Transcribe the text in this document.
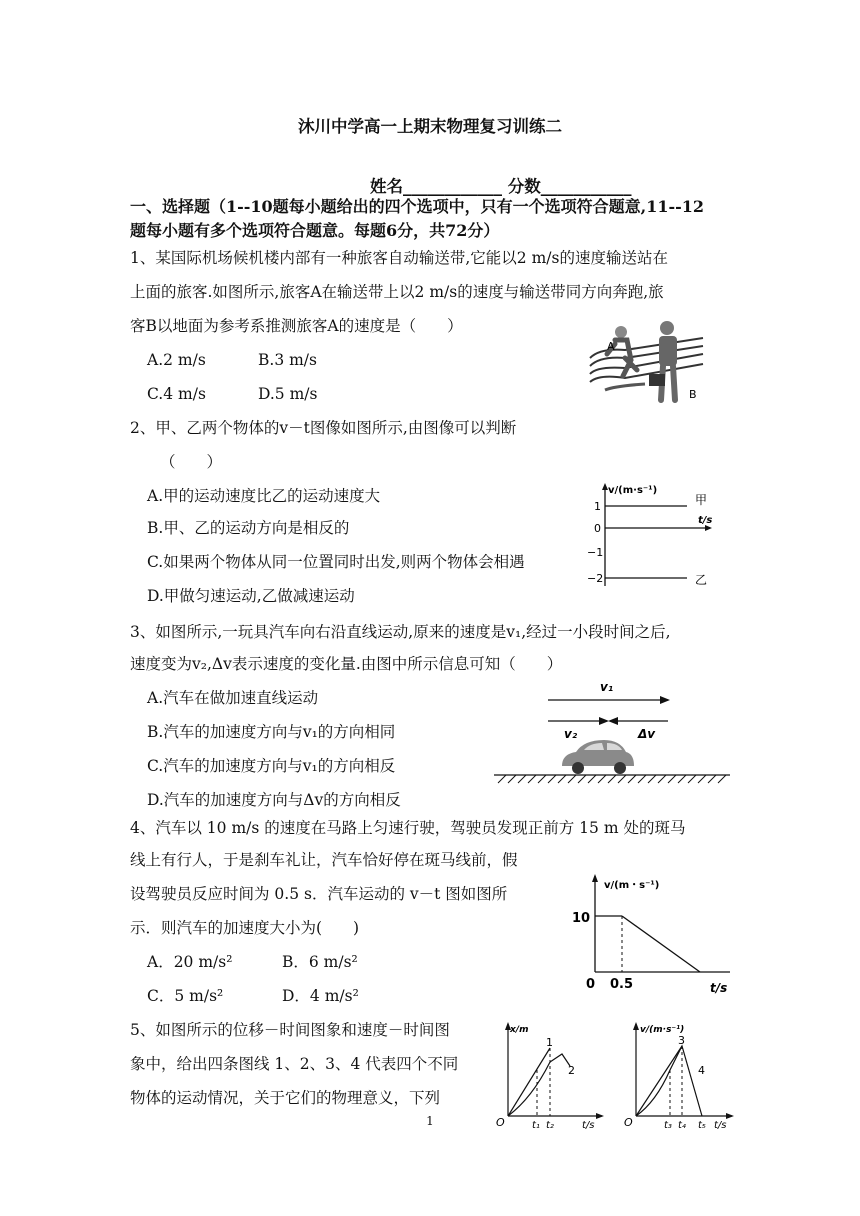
沐川中学高一上期末物理复习训练二
姓名____________ 分数___________
一、选择题（1--10题每小题给出的四个选项中，只有一个选项符合题意,11--12
题每小题有多个选项符合题意。每题6分，共72分）
1、某国际机场候机楼内部有一种旅客自动输送带,它能以2 m/s的速度输送站在
上面的旅客.如图所示,旅客A在输送带上以2 m/s的速度与输送带同方向奔跑,旅
客B以地面为参考系推测旅客A的速度是（　　）
A.2 m/s	B.3 m/s
C.4 m/s	D.5 m/s
A
B
2、甲、乙两个物体的v－t图像如图所示,由图像可以判断
（　　）
A.甲的运动速度比乙的运动速度大
B.甲、乙的运动方向是相反的
C.如果两个物体从同一位置同时出发,则两个物体会相遇
D.甲做匀速运动,乙做减速运动
v/(m·s⁻¹)
t/s
1
0
−1
−2
甲
乙
3、如图所示,一玩具汽车向右沿直线运动,原来的速度是v₁,经过一小段时间之后,
速度变为v₂,Δv表示速度的变化量.由图中所示信息可知（　　）
A.汽车在做加速直线运动
B.汽车的加速度方向与v₁的方向相同
C.汽车的加速度方向与v₁的方向相反
D.汽车的加速度方向与Δv的方向相反
v₁
v₂	Δv
4、汽车以 10 m/s 的速度在马路上匀速行驶，驾驶员发现正前方 15 m 处的斑马
线上有行人，于是刹车礼让，汽车恰好停在斑马线前，假
设驾驶员反应时间为 0.5 s．汽车运动的 v－t 图如图所
示．则汽车的加速度大小为(　　)
A．20 m/s²	B．6 m/s²
C．5 m/s²	D．4 m/s²
v/(m・s⁻¹)
10
0 0.5	t/s
5、如图所示的位移－时间图象和速度－时间图
象中，给出四条图线 1、2、3、4 代表四个不同
物体的运动情况，关于它们的物理意义，下列
x/m
1
2
O	t₁ t₂	t/s
v/(m·s⁻¹)
3
4
O	t₃ t₄ t₅ t/s
1
